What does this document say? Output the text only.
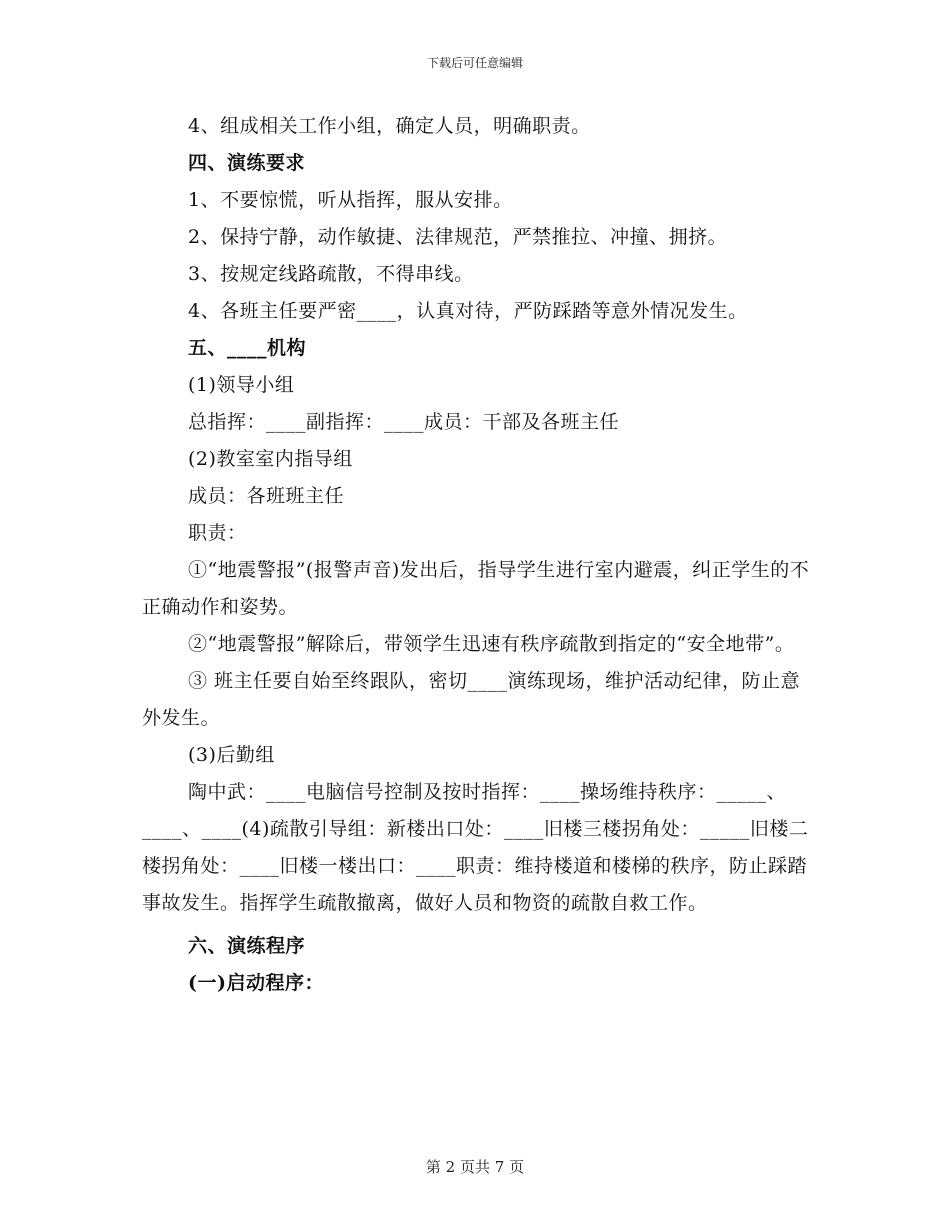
下载后可任意编辑

4、组成相关工作小组，确定人员，明确职责。

四、演练要求

1、不要惊慌，听从指挥，服从安排。

2、保持宁静，动作敏捷、法律规范，严禁推拉、冲撞、拥挤。

3、按规定线路疏散，不得串线。

4、各班主任要严密____，认真对待，严防踩踏等意外情况发生。

五、____机构

(1)领导小组

总指挥：____副指挥：____成员：干部及各班主任

(2)教室室内指导组

成员：各班班主任

职责：

①“地震警报”(报警声音)发出后，指导学生进行室内避震，纠正学生的不正确动作和姿势。

②“地震警报”解除后，带领学生迅速有秩序疏散到指定的“安全地带”。

③ 班主任要自始至终跟队，密切____演练现场，维护活动纪律，防止意外发生。

(3)后勤组

陶中武：____电脑信号控制及按时指挥：____操场维持秩序：_____、____、____(4)疏散引导组：新楼出口处：____旧楼三楼拐角处：_____旧楼二楼拐角处：____旧楼一楼出口：____职责：维持楼道和楼梯的秩序，防止踩踏事故发生。指挥学生疏散撤离，做好人员和物资的疏散自救工作。

六、演练程序

(一)启动程序：

第 2 页共 7 页
